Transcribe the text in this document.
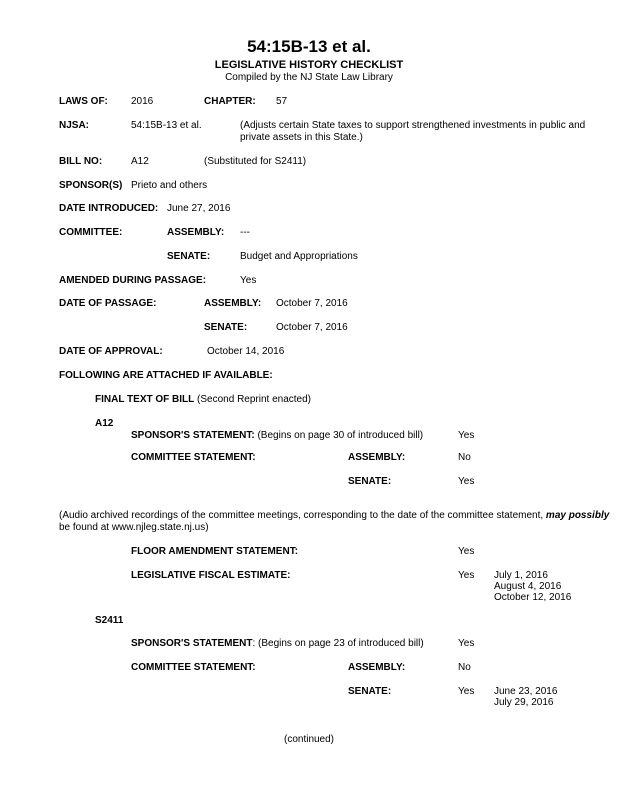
54:15B-13 et al.
LEGISLATIVE HISTORY CHECKLIST
Compiled by the NJ State Law Library
LAWS OF: 2016	CHAPTER: 57
NJSA:	54:15B-13 et al.	(Adjusts certain State taxes to support strengthened investments in public and
private assets in this State.)
BILL NO:	A12	(Substituted for S2411)
SPONSOR(S) Prieto and others
DATE INTRODUCED: June 27, 2016
COMMITTEE:	ASSEMBLY: ---
SENATE:	Budget and Appropriations
AMENDED DURING PASSAGE:	Yes
DATE OF PASSAGE:	ASSEMBLY: October 7, 2016
SENATE:	October 7, 2016
DATE OF APPROVAL:	October 14, 2016
FOLLOWING ARE ATTACHED IF AVAILABLE:
FINAL TEXT OF BILL (Second Reprint enacted)
A12
SPONSOR'S STATEMENT: (Begins on page 30 of introduced bill)	Yes
COMMITTEE STATEMENT:	ASSEMBLY:	No
SENATE:	Yes
(Audio archived recordings of the committee meetings, corresponding to the date of the committee statement, may possibly
be found at www.njleg.state.nj.us)
FLOOR AMENDMENT STATEMENT:	Yes
LEGISLATIVE FISCAL ESTIMATE:	Yes July 1, 2016
August 4, 2016
October 12, 2016
S2411
SPONSOR'S STATEMENT: (Begins on page 23 of introduced bill)	Yes
COMMITTEE STATEMENT:	ASSEMBLY:	No
SENATE:	Yes June 23, 2016
July 29, 2016
(continued)
